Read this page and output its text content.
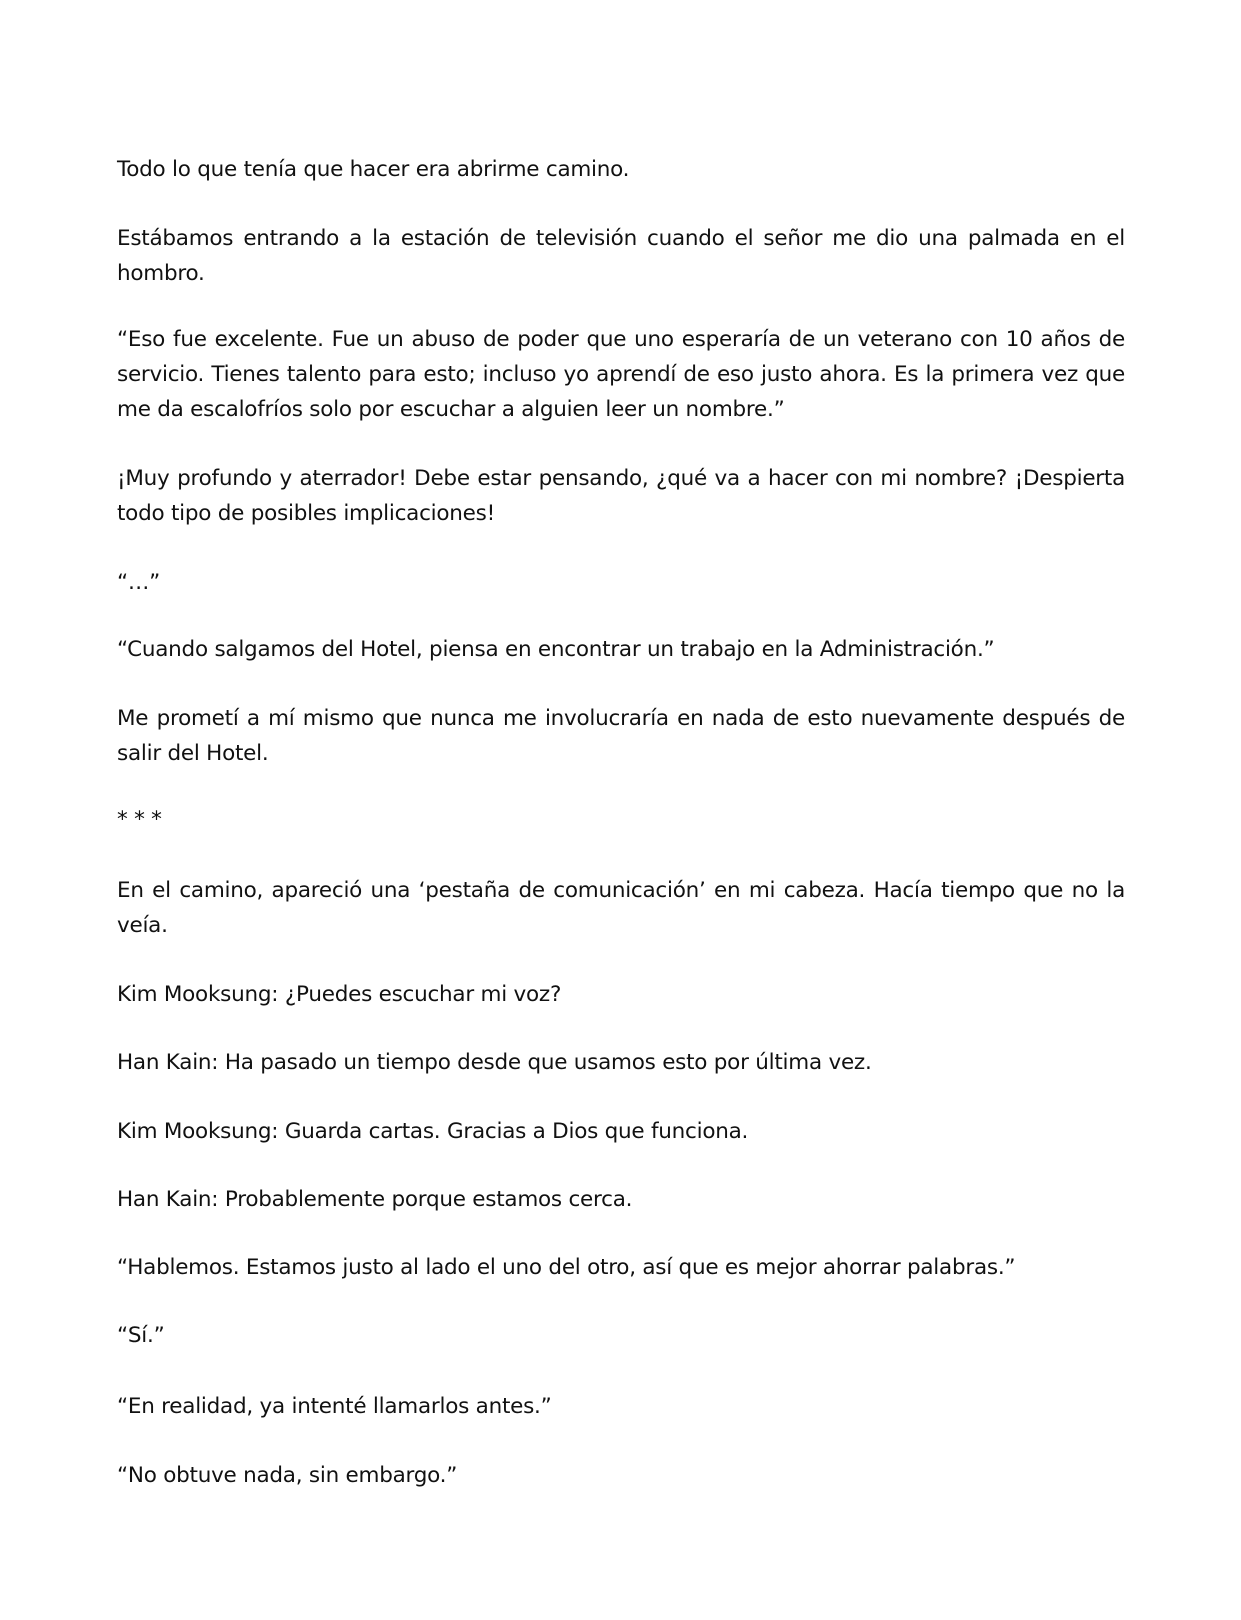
Todo lo que tenía que hacer era abrirme camino.

Estábamos entrando a la estación de televisión cuando el señor me dio una palmada en el hombro.

“Eso fue excelente. Fue un abuso de poder que uno esperaría de un veterano con 10 años de servicio. Tienes talento para esto; incluso yo aprendí de eso justo ahora. Es la primera vez que me da escalofríos solo por escuchar a alguien leer un nombre.”

¡Muy profundo y aterrador! Debe estar pensando, ¿qué va a hacer con mi nombre? ¡Despierta todo tipo de posibles implicaciones!

“…”

“Cuando salgamos del Hotel, piensa en encontrar un trabajo en la Administración.”

Me prometí a mí mismo que nunca me involucraría en nada de esto nuevamente después de salir del Hotel.

* * *

En el camino, apareció una ‘pestaña de comunicación’ en mi cabeza. Hacía tiempo que no la veía.

Kim Mooksung: ¿Puedes escuchar mi voz?

Han Kain: Ha pasado un tiempo desde que usamos esto por última vez.

Kim Mooksung: Guarda cartas. Gracias a Dios que funciona.

Han Kain: Probablemente porque estamos cerca.

“Hablemos. Estamos justo al lado el uno del otro, así que es mejor ahorrar palabras.”

“Sí.”

“En realidad, ya intenté llamarlos antes.”

“No obtuve nada, sin embargo.”
